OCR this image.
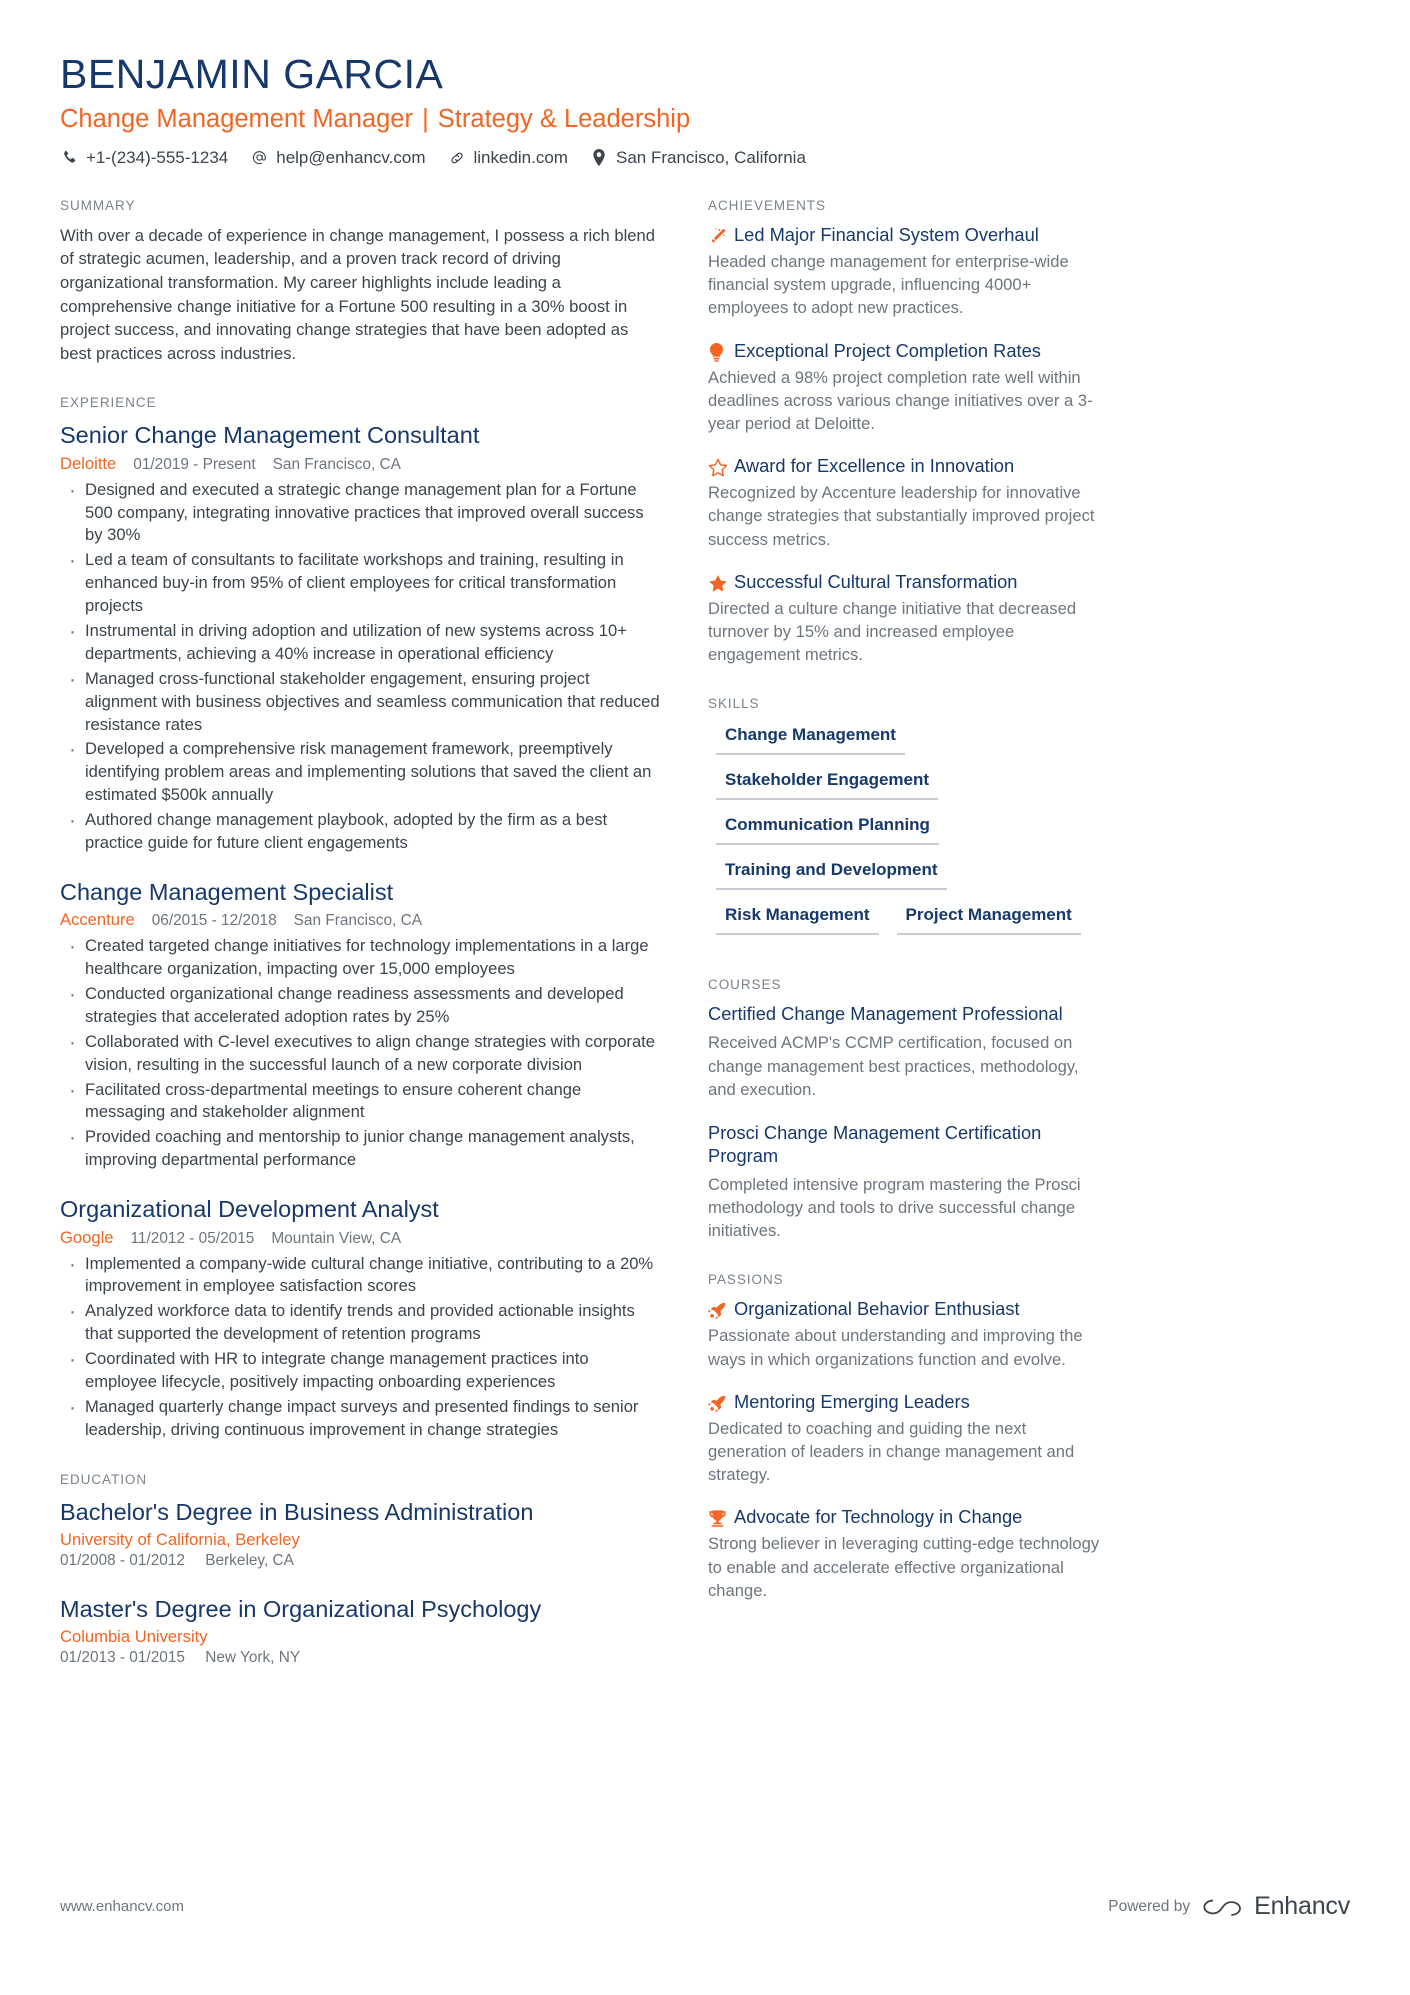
BENJAMIN GARCIA
Change Management Manager | Strategy & Leadership
+1-(234)-555-1234	help@enhancv.com	linkedin.com	San Francisco, California
SUMMARY
With over a decade of experience in change management, I possess a rich blend of strategic acumen, leadership, and a proven track record of driving organizational transformation. My career highlights include leading a comprehensive change initiative for a Fortune 500 resulting in a 30% boost in project success, and innovating change strategies that have been adopted as best practices across industries.
EXPERIENCE
Senior Change Management Consultant
Deloitte 01/2019 - Present San Francisco, CA
· Designed and executed a strategic change management plan for a Fortune 500 company, integrating innovative practices that improved overall success by 30%
· Led a team of consultants to facilitate workshops and training, resulting in enhanced buy-in from 95% of client employees for critical transformation projects
· Instrumental in driving adoption and utilization of new systems across 10+ departments, achieving a 40% increase in operational efficiency
· Managed cross-functional stakeholder engagement, ensuring project alignment with business objectives and seamless communication that reduced resistance rates
· Developed a comprehensive risk management framework, preemptively identifying problem areas and implementing solutions that saved the client an estimated $500k annually
· Authored change management playbook, adopted by the firm as a best practice guide for future client engagements
Change Management Specialist
Accenture 06/2015 - 12/2018 San Francisco, CA
· Created targeted change initiatives for technology implementations in a large healthcare organization, impacting over 15,000 employees
· Conducted organizational change readiness assessments and developed strategies that accelerated adoption rates by 25%
· Collaborated with C-level executives to align change strategies with corporate vision, resulting in the successful launch of a new corporate division
· Facilitated cross-departmental meetings to ensure coherent change messaging and stakeholder alignment
· Provided coaching and mentorship to junior change management analysts, improving departmental performance
Organizational Development Analyst
Google 11/2012 - 05/2015 Mountain View, CA
· Implemented a company-wide cultural change initiative, contributing to a 20% improvement in employee satisfaction scores
· Analyzed workforce data to identify trends and provided actionable insights that supported the development of retention programs
· Coordinated with HR to integrate change management practices into employee lifecycle, positively impacting onboarding experiences
· Managed quarterly change impact surveys and presented findings to senior leadership, driving continuous improvement in change strategies
EDUCATION
Bachelor's Degree in Business Administration
University of California, Berkeley
01/2008 - 01/2012 Berkeley, CA
Master's Degree in Organizational Psychology
Columbia University
01/2013 - 01/2015 New York, NY
ACHIEVEMENTS
Led Major Financial System Overhaul
Headed change management for enterprise-wide financial system upgrade, influencing 4000+ employees to adopt new practices.
Exceptional Project Completion Rates
Achieved a 98% project completion rate well within deadlines across various change initiatives over a 3-year period at Deloitte.
Award for Excellence in Innovation
Recognized by Accenture leadership for innovative change strategies that substantially improved project success metrics.
Successful Cultural Transformation
Directed a culture change initiative that decreased turnover by 15% and increased employee engagement metrics.
SKILLS
Change Management
Stakeholder Engagement
Communication Planning
Training and Development
Risk Management	Project Management
COURSES
Certified Change Management Professional
Received ACMP's CCMP certification, focused on change management best practices, methodology, and execution.
Prosci Change Management Certification Program
Completed intensive program mastering the Prosci methodology and tools to drive successful change initiatives.
PASSIONS
Organizational Behavior Enthusiast
Passionate about understanding and improving the ways in which organizations function and evolve.
Mentoring Emerging Leaders
Dedicated to coaching and guiding the next generation of leaders in change management and strategy.
Advocate for Technology in Change
Strong believer in leveraging cutting-edge technology to enable and accelerate effective organizational change.
www.enhancv.com	Powered by	Enhancv
